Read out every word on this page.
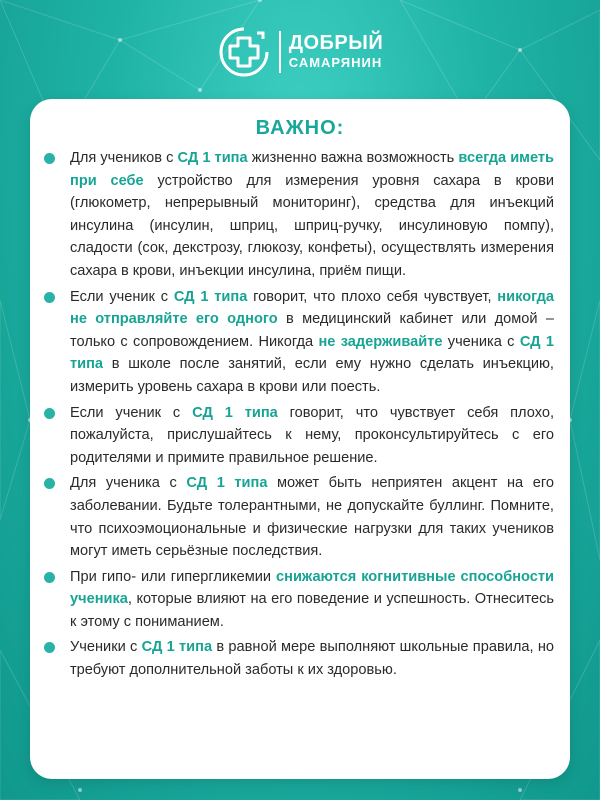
ДОБРЫЙ
САМАРЯНИН
ВАЖНО:
Для учеников с СД 1 типа жизненно важна возможность всегда иметь при себе устройство для измерения уровня сахара в крови (глюкометр, непрерывный мониторинг), средства для инъекций инсулина (инсулин, шприц, шприц-ручку, инсулиновую помпу), сладости (сок, декстрозу, глюкозу, конфеты), осуществлять измерения сахара в крови, инъекции инсулина, приём пищи.
Если ученик с СД 1 типа говорит, что плохо себя чувствует, никогда не отправляйте его одного в медицинский кабинет или домой – только с сопровождением. Никогда не задерживайте ученика с СД 1 типа в школе после занятий, если ему нужно сделать инъекцию, измерить уровень сахара в крови или поесть.
Если ученик с СД 1 типа говорит, что чувствует себя плохо, пожалуйста, прислушайтесь к нему, проконсультируйтесь с его родителями и примите правильное решение.
Для ученика с СД 1 типа может быть неприятен акцент на его заболевании. Будьте толерантными, не допускайте буллинг. Помните, что психоэмоциональные и физические нагрузки для таких учеников могут иметь серьёзные последствия.
При гипо- или гипергликемии снижаются когнитивные способности ученика, которые влияют на его поведение и успешность. Отнеситесь к этому с пониманием.
Ученики с СД 1 типа в равной мере выполняют школьные правила, но требуют дополнительной заботы к их здоровью.
